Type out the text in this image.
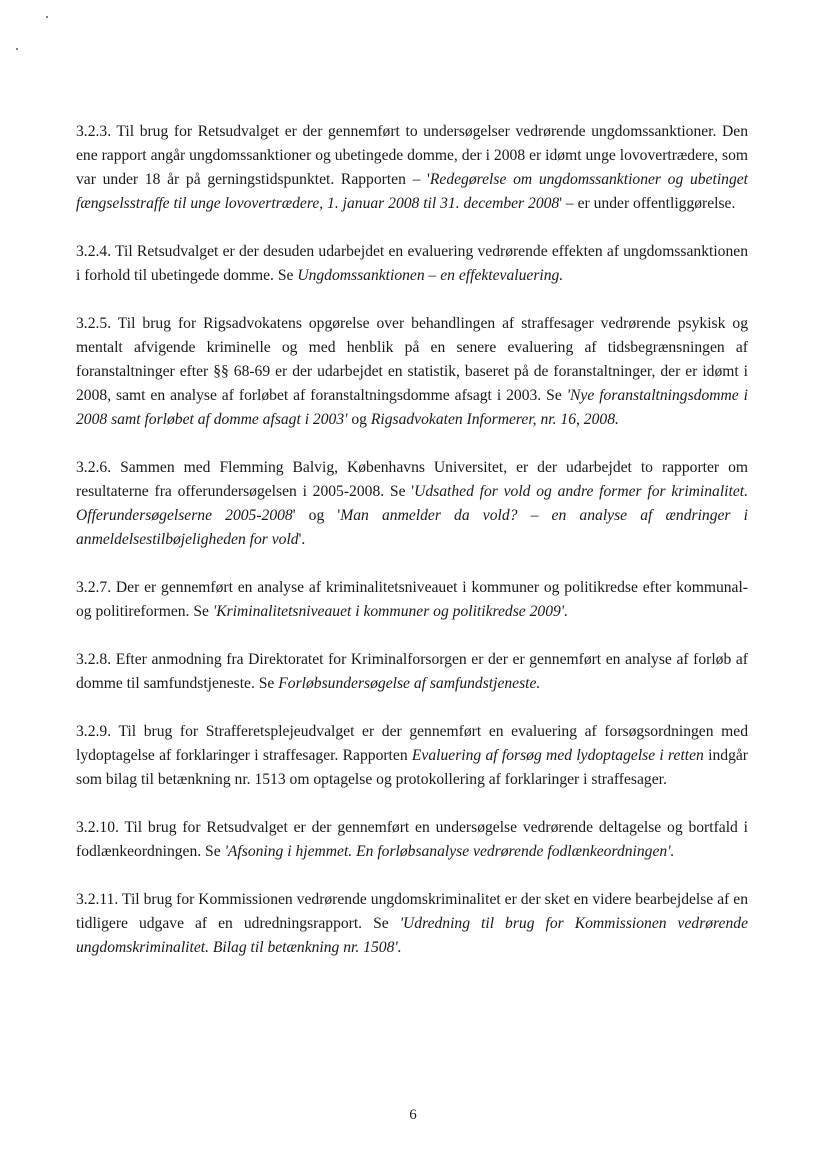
3.2.3. Til brug for Retsudvalget er der gennemført to undersøgelser vedrørende ungdomssanktioner. Den ene rapport angår ungdomssanktioner og ubetingede domme, der i 2008 er idømt unge lovovertrædere, som var under 18 år på gerningstidspunktet. Rapporten – 'Redegørelse om ungdomssanktioner og ubetinget fængselsstraffe til unge lovovertrædere, 1. januar 2008 til 31. december 2008' – er under offentliggørelse.

3.2.4. Til Retsudvalget er der desuden udarbejdet en evaluering vedrørende effekten af ungdomssanktionen i forhold til ubetingede domme. Se Ungdomssanktionen – en effektevaluering.

3.2.5. Til brug for Rigsadvokatens opgørelse over behandlingen af straffesager vedrørende psykisk og mentalt afvigende kriminelle og med henblik på en senere evaluering af tidsbegrænsningen af foranstaltninger efter §§ 68-69 er der udarbejdet en statistik, baseret på de foranstaltninger, der er idømt i 2008, samt en analyse af forløbet af foranstaltningsdomme afsagt i 2003. Se 'Nye foranstaltningsdomme i 2008 samt forløbet af domme afsagt i 2003' og Rigsadvokaten Informerer, nr. 16, 2008.

3.2.6. Sammen med Flemming Balvig, Københavns Universitet, er der udarbejdet to rapporter om resultaterne fra offerundersøgelsen i 2005-2008. Se 'Udsathed for vold og andre former for kriminalitet. Offerundersøgelserne 2005-2008' og 'Man anmelder da vold? – en analyse af ændringer i anmeldelsestilbøjeligheden for vold'.

3.2.7. Der er gennemført en analyse af kriminalitetsniveauet i kommuner og politikredse efter kommunal- og politireformen. Se 'Kriminalitetsniveauet i kommuner og politikredse 2009'.

3.2.8. Efter anmodning fra Direktoratet for Kriminalforsorgen er der er gennemført en analyse af forløb af domme til samfundstjeneste. Se Forløbsundersøgelse af samfundstjeneste.

3.2.9. Til brug for Strafferetsplejeudvalget er der gennemført en evaluering af forsøgsordningen med lydoptagelse af forklaringer i straffesager. Rapporten Evaluering af forsøg med lydoptagelse i retten indgår som bilag til betænkning nr. 1513 om optagelse og protokollering af forklaringer i straffesager.

3.2.10. Til brug for Retsudvalget er der gennemført en undersøgelse vedrørende deltagelse og bortfald i fodlænkeordningen. Se 'Afsoning i hjemmet. En forløbsanalyse vedrørende fodlænkeordningen'.

3.2.11. Til brug for Kommissionen vedrørende ungdomskriminalitet er der sket en videre bearbejdelse af en tidligere udgave af en udredningsrapport. Se 'Udredning til brug for Kommissionen vedrørende ungdomskriminalitet. Bilag til betænkning nr. 1508'.

6
